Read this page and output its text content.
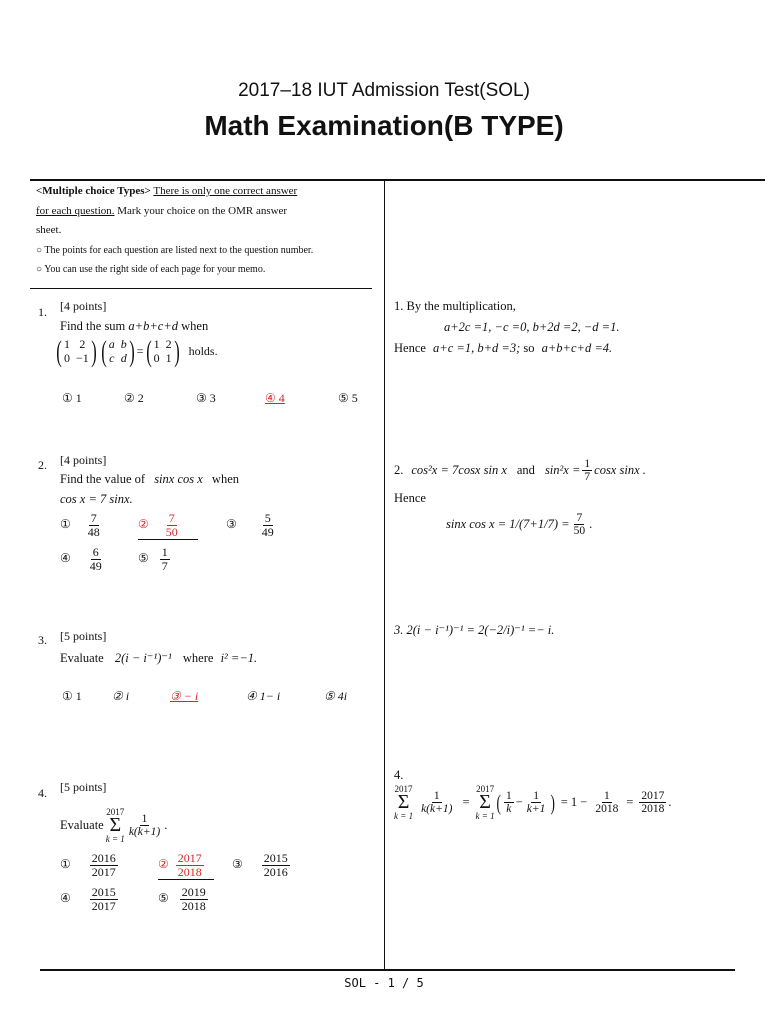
2017–18 IUT Admission Test(SOL)
Math Examination(B TYPE)
<Multiple choice Types> There is only one correct answer
for each question. Mark your choice on the OMR answer
sheet.
○ The points for each question are listed next to the question number.
○ You can use the right side of each page for your memo.
1. [4 points]
Find the sum a+b+c+d when
( 1 2
0 −1 ) ( a b
c d ) = ( 1 2
0 1 ) holds.
① 1	② 2	③ 3	④ 4	⑤ 5
2. [4 points]
Find the value of sinx cos x when
cos x = 7 sinx.
① $\frac{7}{48}$	② $\frac{7}{50}$	③ $\frac{5}{49}$
④ $\frac{6}{49}$	⑤ $\frac{1}{7}$
3. [5 points]
Evaluate 2(i − i⁻¹)⁻¹ where i² =−1.
① 1	② i	③ − i	④ 1− i	⑤ 4i
4. [5 points]
Evaluate
2017
Σ
k = 1
$\frac{1}{k(k+1)}$ .
① $\frac{2016}{2017}$	② $\frac{2017}{2018}$ ③ $\frac{2015}{2016}$
④ $\frac{2015}{2017}$	⑤ $\frac{2019}{2018}$
1. By the multiplication,
a+2c =1, −c =0, b+2d =2, −d =1.
Hence a+c =1, b+d =3; so a+b+c+d =4.
2. cos²x = 7cosx sin x and $\sin^2x = \frac{1}{7}$ cosx sinx .
Hence
sinx $\cos x = 1/(7+1/7) = \frac{7}{50}$ .
3. 2(i − i⁻¹)⁻¹ = 2(−2/i)⁻¹ =− i.
4.
2017
Σ
k = 1
$\frac{1}{k(k+1)}$ =
2017
Σ
k = 1
( $\frac{1}{k} - \frac{1}{k+1}$ ) = $1 - \frac{1}{2018} = \frac{2017}{2018}$ .
SOL - 1 / 5
